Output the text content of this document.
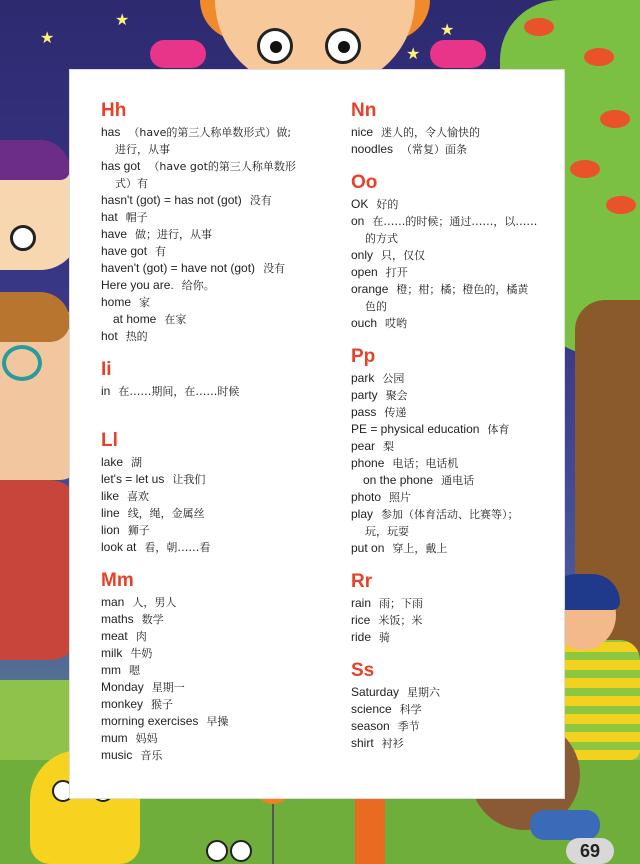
★
★	★
★
Hh
has （have的第三人称单数形式）做;
进行，从事
has got （have got的第三人称单数形
式）有
hasn't (got) = has not (got) 没有
hat 帽子
have 做；进行，从事
have got 有
haven't (got) = have not (got) 没有
Here you are. 给你。
home 家
at home 在家
hot 热的
Ii
in 在……期间，在……时候
Ll
lake 湖
let's = let us 让我们
like 喜欢
line 线，绳，金属丝
lion 狮子
look at 看，朝……看
Mm
man 人，男人
maths 数学
meat 肉
milk 牛奶
mm 嗯
Monday 星期一
monkey 猴子
morning exercises 早操
mum 妈妈
music 音乐
Nn
nice 迷人的，令人愉快的
noodles （常复）面条
Oo
OK 好的
on 在……的时候；通过……，以……
的方式
only 只，仅仅
open 打开
orange 橙；柑；橘；橙色的，橘黄
色的
ouch 哎哟
Pp
park 公园
party 聚会
pass 传递
PE = physical education 体育
pear 梨
phone 电话；电话机
on the phone 通电话
photo 照片
play 参加（体育活动、比赛等）；
玩，玩耍
put on 穿上，戴上
Rr
rain 雨；下雨
rice 米饭；米
ride 骑
Ss
Saturday 星期六
science 科学
season 季节
shirt 衬衫
69
